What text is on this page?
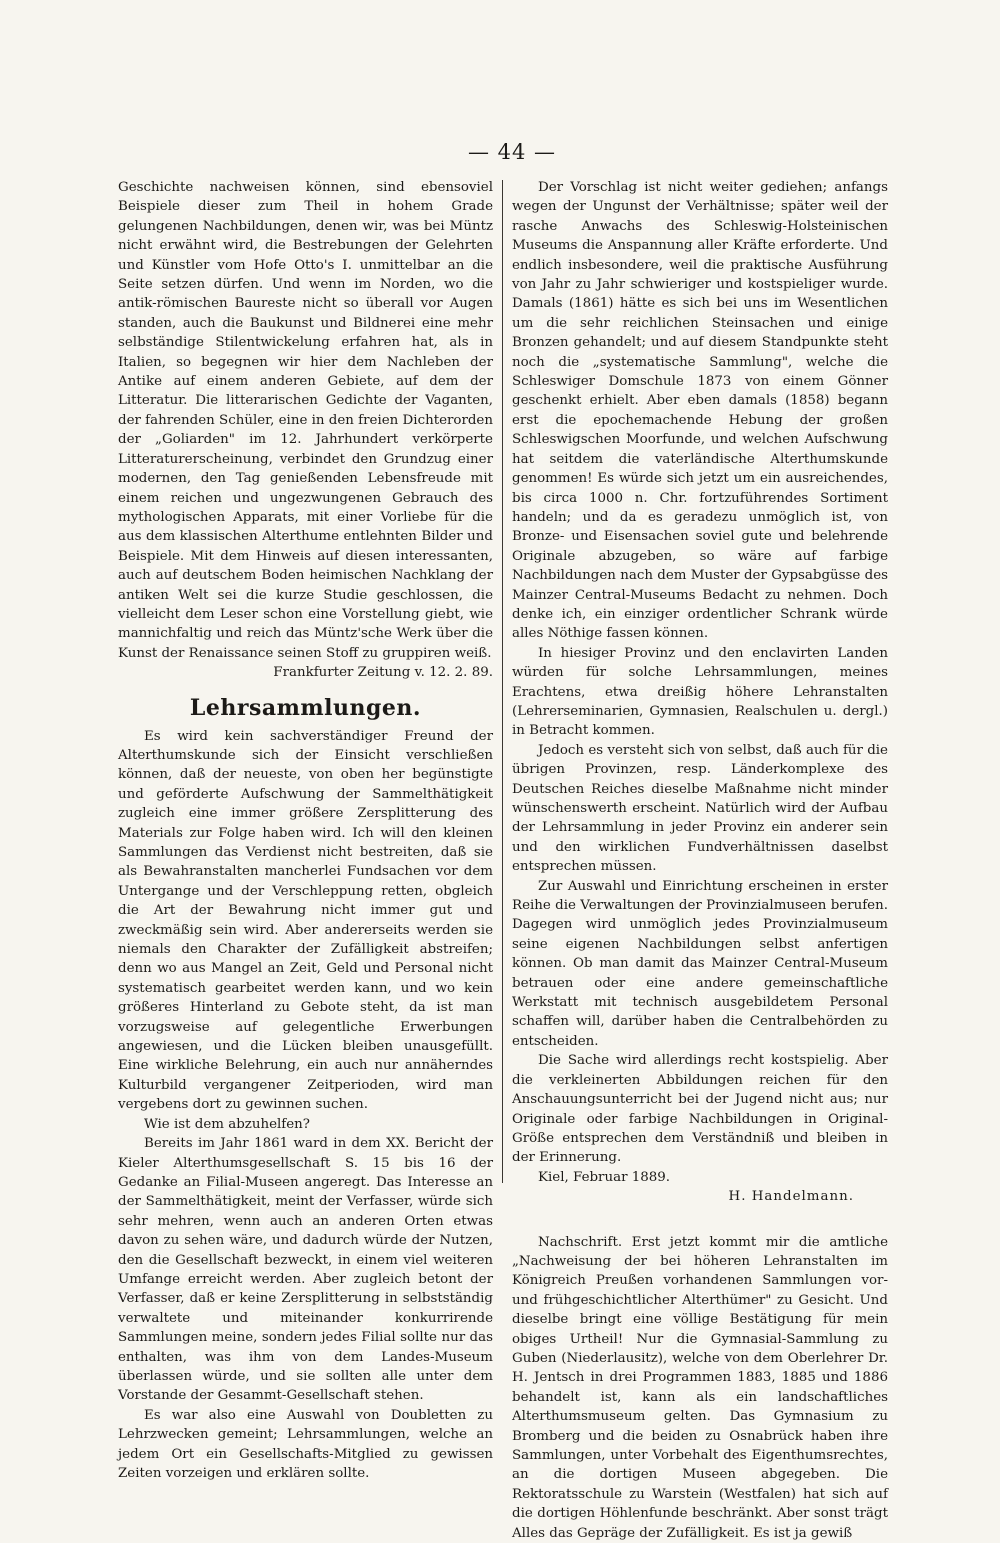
— 44 —

Geschichte nachweisen können, sind ebensoviel Beispiele dieser zum Theil in hohem Grade gelungenen Nachbildungen, denen wir, was bei Müntz nicht erwähnt wird, die Bestrebungen der Gelehrten und Künstler vom Hofe Otto's I. unmittelbar an die Seite setzen dürfen. Und wenn im Norden, wo die antik-römischen Baureste nicht so überall vor Augen standen, auch die Baukunst und Bildnerei eine mehr selbständige Stilentwickelung erfahren hat, als in Italien, so begegnen wir hier dem Nachleben der Antike auf einem anderen Gebiete, auf dem der Litteratur. Die litterarischen Gedichte der Vaganten, der fahrenden Schüler, eine in den freien Dichterorden der „Goliarden" im 12. Jahrhundert verkörperte Litteraturerscheinung, verbindet den Grundzug einer modernen, den Tag genießenden Lebensfreude mit einem reichen und ungezwungenen Gebrauch des mythologischen Apparats, mit einer Vorliebe für die aus dem klassischen Alterthume entlehnten Bilder und Beispiele. Mit dem Hinweis auf diesen interessanten, auch auf deutschem Boden heimischen Nachklang der antiken Welt sei die kurze Studie geschlossen, die vielleicht dem Leser schon eine Vorstellung giebt, wie mannichfaltig und reich das Müntz'sche Werk über die Kunst der Renaissance seinen Stoff zu gruppiren weiß.

Frankfurter Zeitung v. 12. 2. 89.

Lehrsammlungen.

Es wird kein sachverständiger Freund der Alterthumskunde sich der Einsicht verschließen können, daß der neueste, von oben her begünstigte und geförderte Aufschwung der Sammelthätigkeit zugleich eine immer größere Zersplitterung des Materials zur Folge haben wird. Ich will den kleinen Sammlungen das Verdienst nicht bestreiten, daß sie als Bewahranstalten mancherlei Fundsachen vor dem Untergange und der Verschleppung retten, obgleich die Art der Bewahrung nicht immer gut und zweckmäßig sein wird. Aber andererseits werden sie niemals den Charakter der Zufälligkeit abstreifen; denn wo aus Mangel an Zeit, Geld und Personal nicht systematisch gearbeitet werden kann, und wo kein größeres Hinterland zu Gebote steht, da ist man vorzugsweise auf gelegentliche Erwerbungen angewiesen, und die Lücken bleiben unausgefüllt. Eine wirkliche Belehrung, ein auch nur annäherndes Kulturbild vergangener Zeitperioden, wird man vergebens dort zu gewinnen suchen.

Wie ist dem abzuhelfen?

Bereits im Jahr 1861 ward in dem XX. Bericht der Kieler Alterthumsgesellschaft S. 15 bis 16 der Gedanke an Filial-Museen angeregt. Das Interesse an der Sammelthätigkeit, meint der Verfasser, würde sich sehr mehren, wenn auch an anderen Orten etwas davon zu sehen wäre, und dadurch würde der Nutzen, den die Gesellschaft bezweckt, in einem viel weiteren Umfange erreicht werden. Aber zugleich betont der Verfasser, daß er keine Zersplitterung in selbstständig verwaltete und miteinander konkurrirende Sammlungen meine, sondern jedes Filial sollte nur das enthalten, was ihm von dem Landes-Museum überlassen würde, und sie sollten alle unter dem Vorstande der Gesammt-Gesellschaft stehen.

Es war also eine Auswahl von Doubletten zu Lehrzwecken gemeint; Lehrsammlungen, welche an jedem Ort ein Gesellschafts-Mitglied zu gewissen Zeiten vorzeigen und erklären sollte.

Der Vorschlag ist nicht weiter gediehen; anfangs wegen der Ungunst der Verhältnisse; später weil der rasche Anwachs des Schleswig-Holsteinischen Museums die Anspannung aller Kräfte erforderte. Und endlich insbesondere, weil die praktische Ausführung von Jahr zu Jahr schwieriger und kostspieliger wurde. Damals (1861) hätte es sich bei uns im Wesentlichen um die sehr reichlichen Steinsachen und einige Bronzen gehandelt; und auf diesem Standpunkte steht noch die „systematische Sammlung", welche die Schleswiger Domschule 1873 von einem Gönner geschenkt erhielt. Aber eben damals (1858) begann erst die epochemachende Hebung der großen Schleswigschen Moorfunde, und welchen Aufschwung hat seitdem die vaterländische Alterthumskunde genommen! Es würde sich jetzt um ein ausreichendes, bis circa 1000 n. Chr. fortzuführendes Sortiment handeln; und da es geradezu unmöglich ist, von Bronze- und Eisensachen soviel gute und belehrende Originale abzugeben, so wäre auf farbige Nachbildungen nach dem Muster der Gypsabgüsse des Mainzer Central-Museums Bedacht zu nehmen. Doch denke ich, ein einziger ordentlicher Schrank würde alles Nöthige fassen können.

In hiesiger Provinz und den enclavirten Landen würden für solche Lehrsammlungen, meines Erachtens, etwa dreißig höhere Lehranstalten (Lehrerseminarien, Gymnasien, Realschulen u. dergl.) in Betracht kommen.

Jedoch es versteht sich von selbst, daß auch für die übrigen Provinzen, resp. Länderkomplexe des Deutschen Reiches dieselbe Maßnahme nicht minder wünschenswerth erscheint. Natürlich wird der Aufbau der Lehrsammlung in jeder Provinz ein anderer sein und den wirklichen Fundverhältnissen daselbst entsprechen müssen.

Zur Auswahl und Einrichtung erscheinen in erster Reihe die Verwaltungen der Provinzialmuseen berufen. Dagegen wird unmöglich jedes Provinzialmuseum seine eigenen Nachbildungen selbst anfertigen können. Ob man damit das Mainzer Central-Museum betrauen oder eine andere gemeinschaftliche Werkstatt mit technisch ausgebildetem Personal schaffen will, darüber haben die Centralbehörden zu entscheiden.

Die Sache wird allerdings recht kostspielig. Aber die verkleinerten Abbildungen reichen für den Anschauungsunterricht bei der Jugend nicht aus; nur Originale oder farbige Nachbildungen in Original-Größe entsprechen dem Verständniß und bleiben in der Erinnerung.

Kiel, Februar 1889.

H. Handelmann.

Nachschrift. Erst jetzt kommt mir die amtliche „Nachweisung der bei höheren Lehranstalten im Königreich Preußen vorhandenen Sammlungen vor- und frühgeschichtlicher Alterthümer" zu Gesicht. Und dieselbe bringt eine völlige Bestätigung für mein obiges Urtheil! Nur die Gymnasial-Sammlung zu Guben (Niederlausitz), welche von dem Oberlehrer Dr. H. Jentsch in drei Programmen 1883, 1885 und 1886 behandelt ist, kann als ein landschaftliches Alterthumsmuseum gelten. Das Gymnasium zu Bromberg und die beiden zu Osnabrück haben ihre Sammlungen, unter Vorbehalt des Eigenthumsrechtes, an die dortigen Museen abgegeben. Die Rektoratsschule zu Warstein (Westfalen) hat sich auf die dortigen Höhlenfunde beschränkt. Aber sonst trägt Alles das Gepräge der Zufälligkeit. Es ist ja gewiß
